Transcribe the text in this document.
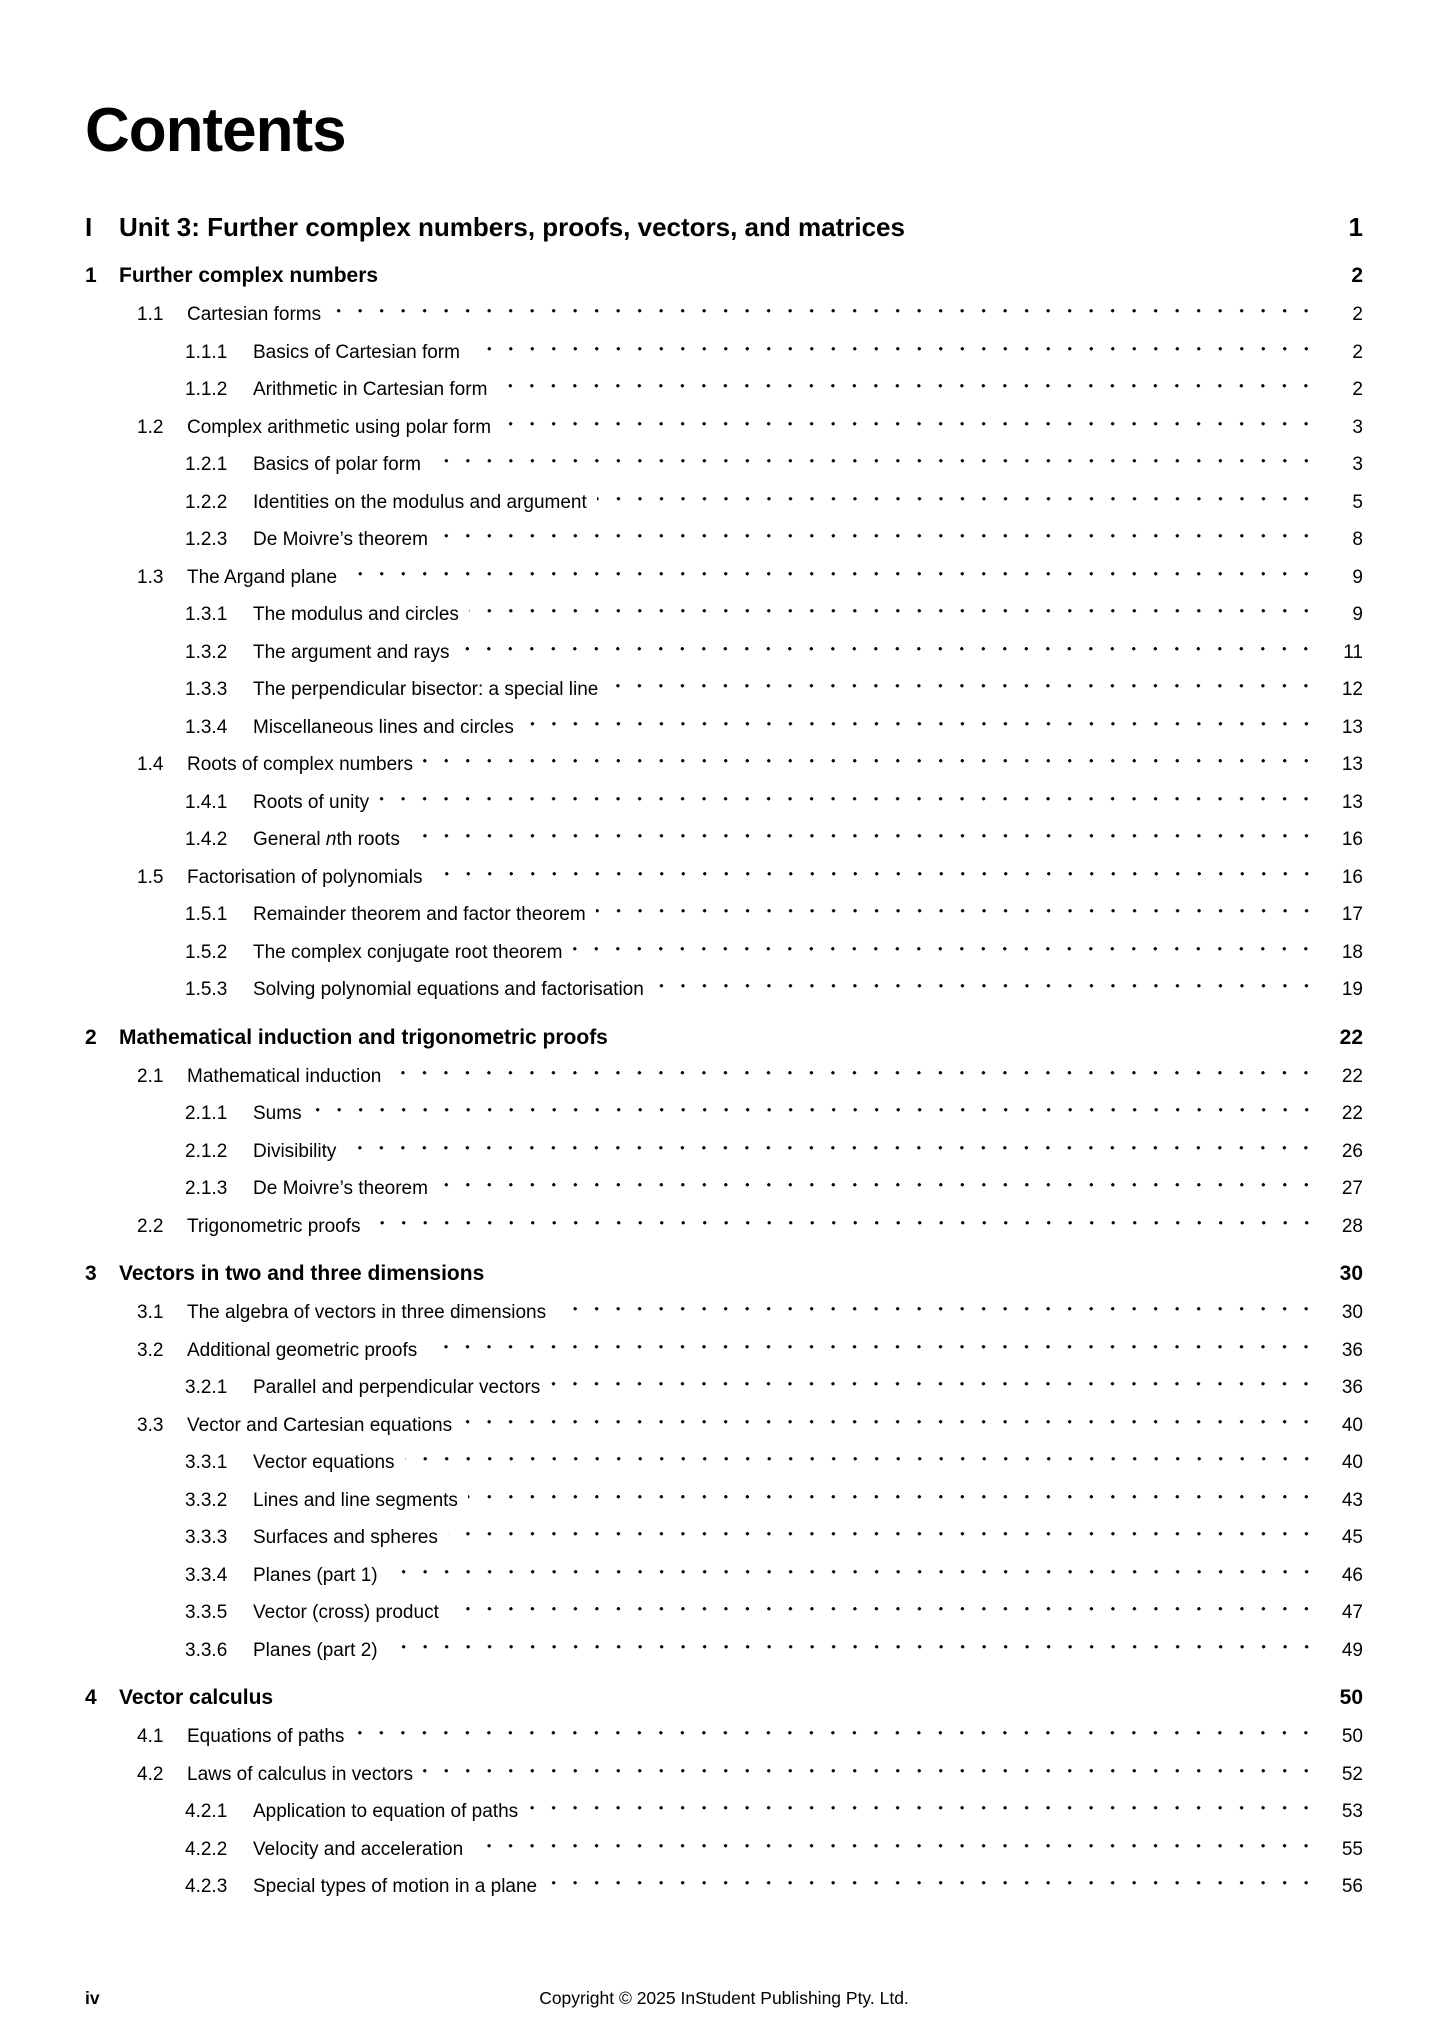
Contents
I	Unit 3: Further complex numbers, proofs, vectors, and matrices	1
1	Further complex numbers	2
1.1	Cartesian forms	2
1.1.1	Basics of Cartesian form	2
1.1.2	Arithmetic in Cartesian form	2
1.2	Complex arithmetic using polar form	3
1.2.1	Basics of polar form	3
1.2.2	Identities on the modulus and argument	5
1.2.3	De Moivre’s theorem	8
1.3	The Argand plane	9
1.3.1	The modulus and circles	9
1.3.2	The argument and rays	11
1.3.3	The perpendicular bisector: a special line	12
1.3.4	Miscellaneous lines and circles	13
1.4	Roots of complex numbers	13
1.4.1	Roots of unity	13
1.4.2	General nth roots	16
1.5	Factorisation of polynomials	16
1.5.1	Remainder theorem and factor theorem	17
1.5.2	The complex conjugate root theorem	18
1.5.3	Solving polynomial equations and factorisation	19
2	Mathematical induction and trigonometric proofs	22
2.1	Mathematical induction	22
2.1.1	Sums	22
2.1.2	Divisibility	26
2.1.3	De Moivre’s theorem	27
2.2	Trigonometric proofs	28
3	Vectors in two and three dimensions	30
3.1	The algebra of vectors in three dimensions	30
3.2	Additional geometric proofs	36
3.2.1	Parallel and perpendicular vectors	36
3.3	Vector and Cartesian equations	40
3.3.1	Vector equations	40
3.3.2	Lines and line segments	43
3.3.3	Surfaces and spheres	45
3.3.4	Planes (part 1)	46
3.3.5	Vector (cross) product	47
3.3.6	Planes (part 2)	49
4	Vector calculus	50
4.1	Equations of paths	50
4.2	Laws of calculus in vectors	52
4.2.1	Application to equation of paths	53
4.2.2	Velocity and acceleration	55
4.2.3	Special types of motion in a plane	56
iv	Copyright © 2025 InStudent Publishing Pty. Ltd.
